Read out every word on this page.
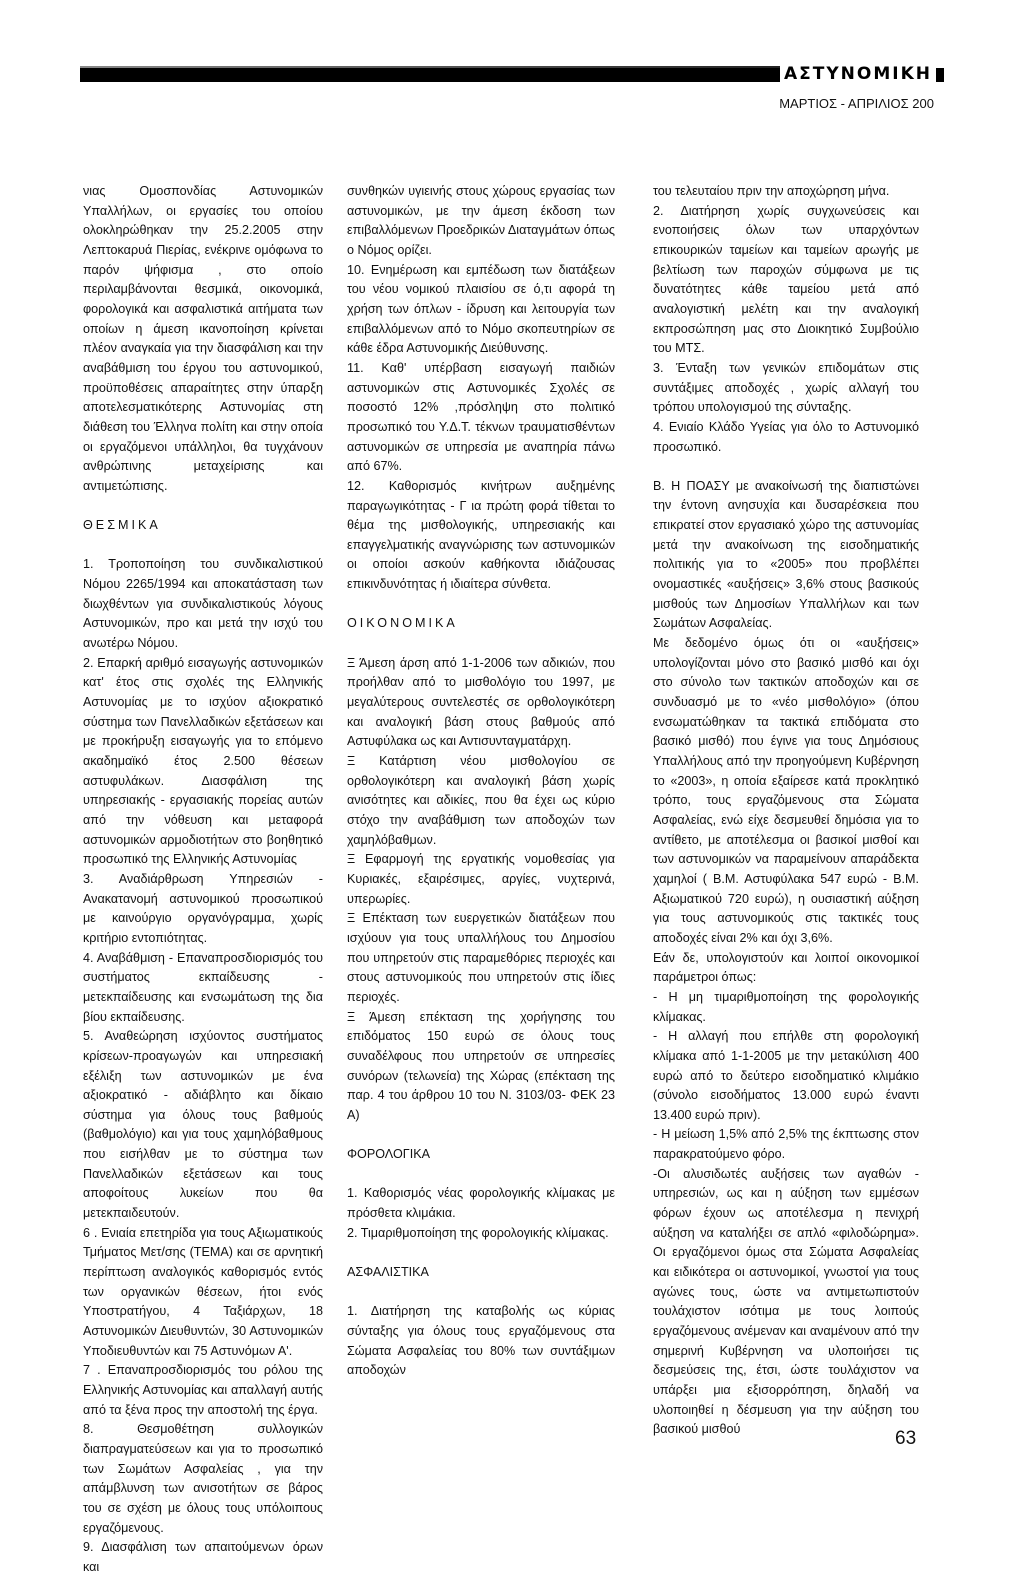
ΑΣΤΥΝΟΜΙΚΗ
ΜΑΡΤΙΟΣ - ΑΠΡΙΛΙΟΣ 200

νιας Ομοσπονδίας Αστυνομικών Υπαλλήλων, οι εργασίες του οποίου ολοκληρώθηκαν την 25.2.2005 στην Λεπτοκαρυά Πιερίας, ενέκρινε ομόφωνα το παρόν ψήφισμα , στο οποίο περιλαμβάνονται θεσμικά, οικονομικά, φορολογικά και ασφαλιστικά αιτήματα των οποίων η άμεση ικανοποίηση κρίνεται πλέον αναγκαία για την διασφάλιση και την αναβάθμιση του έργου του αστυνομικού, προϋποθέσεις απαραίτητες στην ύπαρξη αποτελεσματικότερης Αστυνομίας στη διάθεση του Έλληνα πολίτη και στην οποία οι εργαζόμενοι υπάλληλοι, θα τυγχάνουν ανθρώπινης μεταχείρισης και αντιμετώπισης.

ΘΕΣΜΙΚΑ

1. Τροποποίηση του συνδικαλιστικού Νόμου 2265/1994 και αποκατάσταση των διωχθέντων για συνδικαλιστικούς λόγους Αστυνομικών, προ και μετά την ισχύ του ανωτέρω Νόμου.

2. Επαρκή αριθμό εισαγωγής αστυνομικών κατ' έτος στις σχολές της Ελληνικής Αστυνομίας με το ισχύον αξιοκρατικό σύστημα των Πανελλαδικών εξετάσεων και με προκήρυξη εισαγωγής για το επόμενο ακαδημαϊκό έτος 2.500 θέσεων αστυφυλάκων. Διασφάλιση της υπηρεσιακής - εργασιακής πορείας αυτών από την νόθευση και μεταφορά αστυνομικών αρμοδιοτήτων στο βοηθητικό προσωπικό της Ελληνικής Αστυνομίας

3. Αναδιάρθρωση Υπηρεσιών - Ανακατανομή αστυνομικού προσωπικού με καινούργιο οργανόγραμμα, χωρίς κριτήριο εντοπιότητας.

4. Αναβάθμιση - Επαναπροσδιορισμός του συστήματος εκπαίδευσης - μετεκπαίδευσης και ενσωμάτωση της δια βίου εκπαίδευσης.

5. Αναθεώρηση ισχύοντος συστήματος κρίσεων-προαγωγών και υπηρεσιακή εξέλιξη των αστυνομικών με ένα αξιοκρατικό - αδιάβλητο και δίκαιο σύστημα για όλους τους βαθμούς (βαθμολόγιο) και για τους χαμηλόβαθμους που εισήλθαν με το σύστημα των Πανελλαδικών εξετάσεων και τους αποφοίτους λυκείων που θα μετεκπαιδευτούν.

6 . Ενιαία επετηρίδα για τους Αξιωματικούς Τμήματος Μετ/σης (ΤΕΜΑ) και σε αρνητική περίπτωση αναλογικός καθορισμός εντός των οργανικών θέσεων, ήτοι ενός Υποστρατήγου, 4 Ταξιάρχων, 18 Αστυνομικών Διευθυντών, 30 Αστυνομικών Υποδιευθυντών και 75 Αστυνόμων Α'.

7 . Επαναπροσδιορισμός του ρόλου της Ελληνικής Αστυνομίας και απαλλαγή αυτής από τα ξένα προς την αποστολή της έργα.

8. Θεσμοθέτηση συλλογικών διαπραγματεύσεων και για το προσωπικό των Σωμάτων Ασφαλείας , για την απάμβλυνση των ανισοτήτων σε βάρος του σε σχέση με όλους τους υπόλοιπους εργαζόμενους.

9. Διασφάλιση των απαιτούμενων όρων και

συνθηκών υγιεινής στους χώρους εργασίας των αστυνομικών, με την άμεση έκδοση των επιβαλλόμενων Προεδρικών Διαταγμάτων όπως ο Νόμος ορίζει.

10. Ενημέρωση και εμπέδωση των διατάξεων του νέου νομικού πλαισίου σε ό,τι αφορά τη χρήση των όπλων - ίδρυση και λειτουργία των επιβαλλόμενων από το Νόμο σκοπευτηρίων σε κάθε έδρα Αστυνομικής Διεύθυνσης.

11. Καθ' υπέρβαση εισαγωγή παιδιών αστυνομικών στις Αστυνομικές Σχολές σε ποσοστό 12% ,πρόσληψη στο πολιτικό προσωπικό του Υ.Δ.Τ. τέκνων τραυματισθέντων αστυνομικών σε υπηρεσία με αναπηρία πάνω από 67%.

12. Καθορισμός κινήτρων αυξημένης παραγωγικότητας - Γ ια πρώτη φορά τίθεται το θέμα της μισθολογικής, υπηρεσιακής και επαγγελματικής αναγνώρισης των αστυνομικών οι οποίοι ασκούν καθήκοντα ιδιάζουσας επικινδυνότητας ή ιδιαίτερα σύνθετα.

ΟΙΚΟΝΟΜΙΚΑ

Ξ Άμεση άρση από 1-1-2006 των αδικιών, που προήλθαν από το μισθολόγιο του 1997, με μεγαλύτερους συντελεστές σε ορθολογικότερη και αναλογική βάση στους βαθμούς από Αστυφύλακα ως και Αντισυνταγματάρχη.

Ξ Κατάρτιση νέου μισθολογίου σε ορθολογικότερη και αναλογική βάση χωρίς ανισότητες και αδικίες, που θα έχει ως κύριο στόχο την αναβάθμιση των αποδοχών των χαμηλόβαθμων.

Ξ Εφαρμογή της εργατικής νομοθεσίας για Κυριακές, εξαιρέσιμες, αργίες, νυχτερινά, υπερωρίες.

Ξ Επέκταση των ευεργετικών διατάξεων που ισχύουν για τους υπαλλήλους του Δημοσίου που υπηρετούν στις παραμεθόριες περιοχές και στους αστυνομικούς που υπηρετούν στις ίδιες περιοχές.

Ξ Άμεση επέκταση της χορήγησης του επιδόματος 150 ευρώ σε όλους τους συναδέλφους που υπηρετούν σε υπηρεσίες συνόρων (τελωνεία) της Χώρας (επέκταση της παρ. 4 του άρθρου 10 του Ν. 3103/03- ΦΕΚ 23 Α)

ΦΟΡΟΛΟΓΙΚΑ

1. Καθορισμός νέας φορολογικής κλίμακας με πρόσθετα κλιμάκια.

2. Τιμαριθμοποίηση της φορολογικής κλίμακας.

ΑΣΦΑΛΙΣΤΙΚΑ

1. Διατήρηση της καταβολής ως κύριας σύνταξης για όλους τους εργαζόμενους στα Σώματα Ασφαλείας του 80% των συντάξιμων αποδοχών

του τελευταίου πριν την αποχώρηση μήνα.

2. Διατήρηση χωρίς συγχωνεύσεις και ενοποιήσεις όλων των υπαρχόντων επικουρικών ταμείων και ταμείων αρωγής με βελτίωση των παροχών σύμφωνα με τις δυνατότητες κάθε ταμείου μετά από αναλογιστική μελέτη και την αναλογική εκπροσώπηση μας στο Διοικητικό Συμβούλιο του ΜΤΣ.

3. Ένταξη των γενικών επιδομάτων στις συντάξιμες αποδοχές , χωρίς αλλαγή του τρόπου υπολογισμού της σύνταξης.

4. Ενιαίο Κλάδο Υγείας για όλο το Αστυνομικό προσωπικό.

Β. Η ΠΟΑΣΥ με ανακοίνωσή της διαπιστώνει την έντονη ανησυχία και δυσαρέσκεια που επικρατεί στον εργασιακό χώρο της αστυνομίας μετά την ανακοίνωση της εισοδηματικής πολιτικής για το «2005» που προβλέπει ονομαστικές «αυξήσεις» 3,6% στους βασικούς μισθούς των Δημοσίων Υπαλλήλων και των Σωμάτων Ασφαλείας.

Με δεδομένο όμως ότι οι «αυξήσεις» υπολογίζονται μόνο στο βασικό μισθό και όχι στο σύνολο των τακτικών αποδοχών και σε συνδυασμό με το «νέο μισθολόγιο» (όπου ενσωματώθηκαν τα τακτικά επιδόματα στο βασικό μισθό) που έγινε για τους Δημόσιους Υπαλλήλους από την προηγούμενη Κυβέρνηση το «2003», η οποία εξαίρεσε κατά προκλητικό τρόπο, τους εργαζόμενους στα Σώματα Ασφαλείας, ενώ είχε δεσμευθεί δημόσια για το αντίθετο, με αποτέλεσμα οι βασικοί μισθοί και των αστυνομικών να παραμείνουν απαράδεκτα χαμηλοί ( Β.Μ. Αστυφύλακα 547 ευρώ - Β.Μ. Αξιωματικού 720 ευρώ), η ουσιαστική αύξηση για τους αστυνομικούς στις τακτικές τους αποδοχές είναι 2% και όχι 3,6%.

Εάν δε, υπολογιστούν και λοιποί οικονομικοί παράμετροι όπως:

- Η μη τιμαριθμοποίηση της φορολογικής κλίμακας.

- Η αλλαγή που επήλθε στη φορολογική κλίμακα από 1-1-2005 με την μετακύλιση 400 ευρώ από το δεύτερο εισοδηματικό κλιμάκιο (σύνολο εισοδήματος 13.000 ευρώ έναντι 13.400 ευρώ πριν).

- Η μείωση 1,5% από 2,5% της έκπτωσης στον παρακρατούμενο φόρο.

-Οι αλυσιδωτές αυξήσεις των αγαθών - υπηρεσιών, ως και η αύξηση των εμμέσων φόρων έχουν ως αποτέλεσμα η πενιχρή αύξηση να καταλήξει σε απλό «φιλοδώρημα». Οι εργαζόμενοι όμως στα Σώματα Ασφαλείας και ειδικότερα οι αστυνομικοί, γνωστοί για τους αγώνες τους, ώστε να αντιμετωπιστούν τουλάχιστον ισότιμα με τους λοιπούς εργαζόμενους ανέμεναν και αναμένουν από την σημερινή Κυβέρνηση να υλοποιήσει τις δεσμεύσεις της, έτσι, ώστε τουλάχιστον να υπάρξει μια εξισορρόπηση, δηλαδή να υλοποιηθεί η δέσμευση για την αύξηση του βασικού μισθού	63
